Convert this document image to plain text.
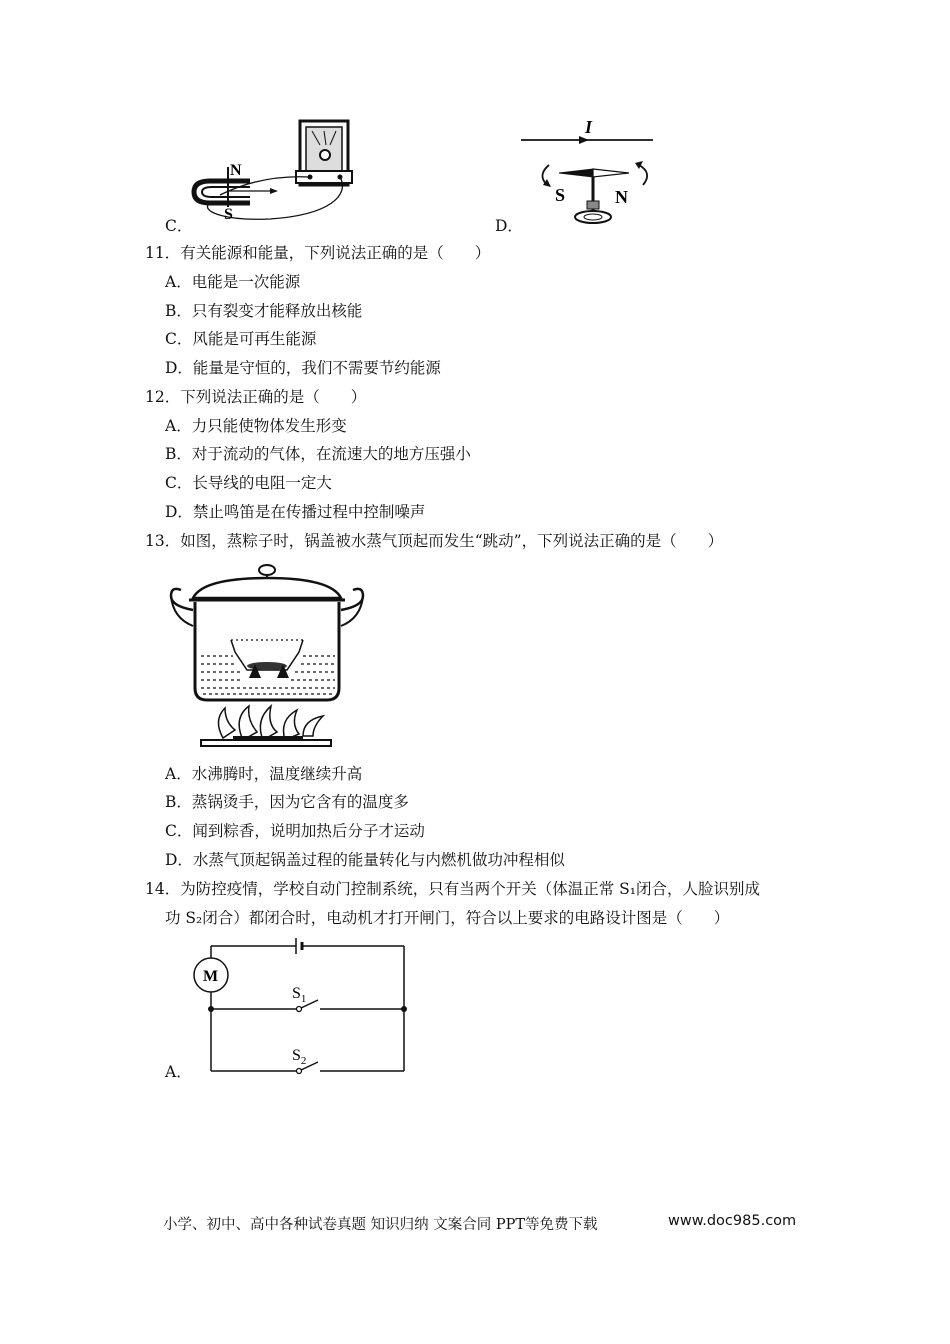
N
S
C．
I
S	N
D．
11．有关能源和能量，下列说法正确的是（　　）
A．电能是一次能源
B．只有裂变才能释放出核能
C．风能是可再生能源
D．能量是守恒的，我们不需要节约能源
12．下列说法正确的是（　　）
A．力只能使物体发生形变
B．对于流动的气体，在流速大的地方压强小
C．长导线的电阻一定大
D．禁止鸣笛是在传播过程中控制噪声
13．如图，蒸粽子时，锅盖被水蒸气顶起而发生“跳动”，下列说法正确的是（　　）
A．水沸腾时，温度继续升高
B．蒸锅烫手，因为它含有的温度多
C．闻到粽香，说明加热后分子才运动
D．水蒸气顶起锅盖过程的能量转化与内燃机做功冲程相似
14．为防控疫情，学校自动门控制系统，只有当两个开关（体温正常 S₁闭合，人脸识别成
功 S₂闭合）都闭合时，电动机才打开闸门，符合以上要求的电路设计图是（　　）
M
$S_1$
$S_2$
A．
小学、初中、高中各种试卷真题 知识归纳 文案合同 PPT等免费下载	www.doc985.com
